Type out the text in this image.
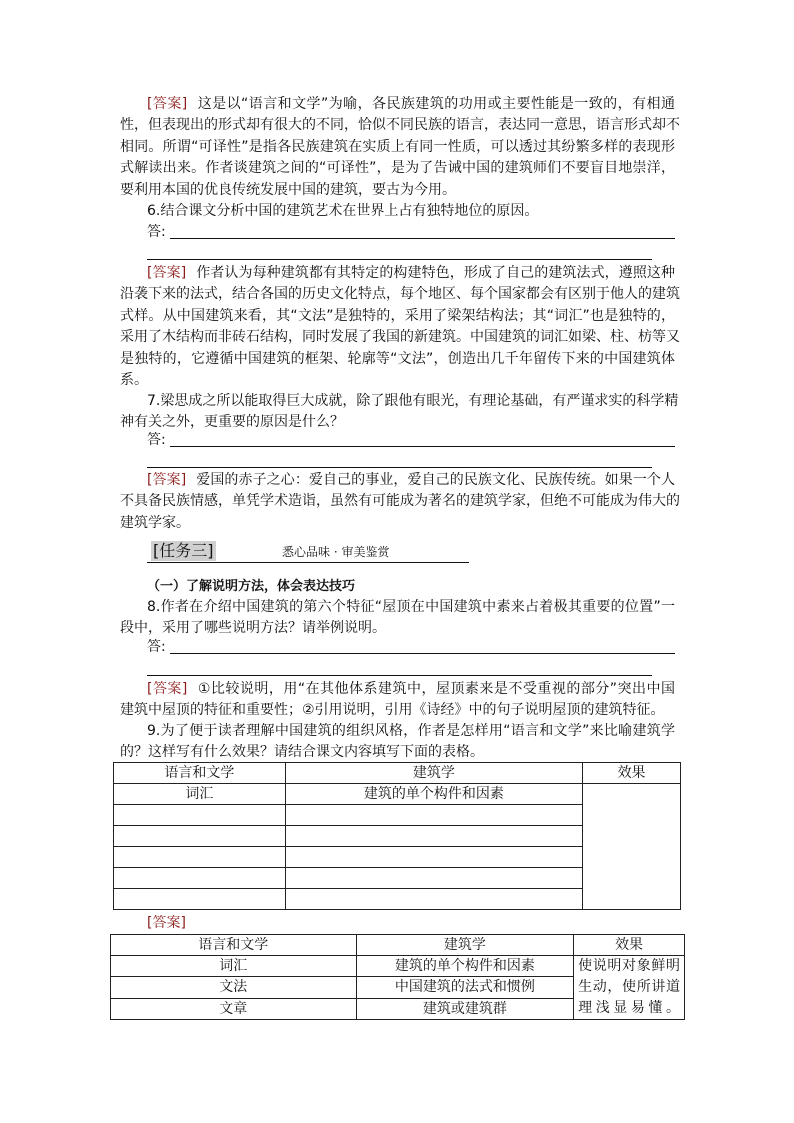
[答案] 这是以“语言和文学”为喻，各民族建筑的功用或主要性能是一致的，有相通
性，但表现出的形式却有很大的不同，恰似不同民族的语言，表达同一意思，语言形式却不
相同。所谓“可译性”是指各民族建筑在实质上有同一性质，可以透过其纷繁多样的表现形
式解读出来。作者谈建筑之间的“可译性”，是为了告诫中国的建筑师们不要盲目地崇洋，
要利用本国的优良传统发展中国的建筑，要古为今用。
6.结合课文分析中国的建筑艺术在世界上占有独特地位的原因。
答:
[答案] 作者认为每种建筑都有其特定的构建特色，形成了自己的建筑法式，遵照这种
沿袭下来的法式，结合各国的历史文化特点，每个地区、每个国家都会有区别于他人的建筑
式样。从中国建筑来看，其“文法”是独特的，采用了梁架结构法；其“词汇”也是独特的，
采用了木结构而非砖石结构，同时发展了我国的新建筑。中国建筑的词汇如梁、柱、枋等又
是独特的，它遵循中国建筑的框架、轮廓等“文法”，创造出几千年留传下来的中国建筑体
系。
7.梁思成之所以能取得巨大成就，除了跟他有眼光，有理论基础，有严谨求实的科学精
神有关之外，更重要的原因是什么？
答:
[答案] 爱国的赤子之心：爱自己的事业，爱自己的民族文化、民族传统。如果一个人
不具备民族情感，单凭学术造诣，虽然有可能成为著名的建筑学家，但绝不可能成为伟大的
建筑学家。
[任务三]	悉心品味 · 审美鉴赏
（一）了解说明方法，体会表达技巧
8.作者在介绍中国建筑的第六个特征“屋顶在中国建筑中素来占着极其重要的位置”一
段中，采用了哪些说明方法？请举例说明。
答:
[答案] ①比较说明，用“在其他体系建筑中，屋顶素来是不受重视的部分”突出中国
建筑中屋顶的特征和重要性；②引用说明，引用《诗经》中的句子说明屋顶的建筑特征。
9.为了便于读者理解中国建筑的组织风格，作者是怎样用“语言和文学”来比喻建筑学
的？这样写有什么效果？请结合课文内容填写下面的表格。
语言和文学	建筑学	效果
词汇	建筑的单个构件和因素	

[答案]
语言和文学	建筑学	效果
词汇	建筑的单个构件和因素	使说明对象鲜明生动，使所讲道理浅显易懂。
文法	中国建筑的法式和惯例	
文章	建筑或建筑群	
